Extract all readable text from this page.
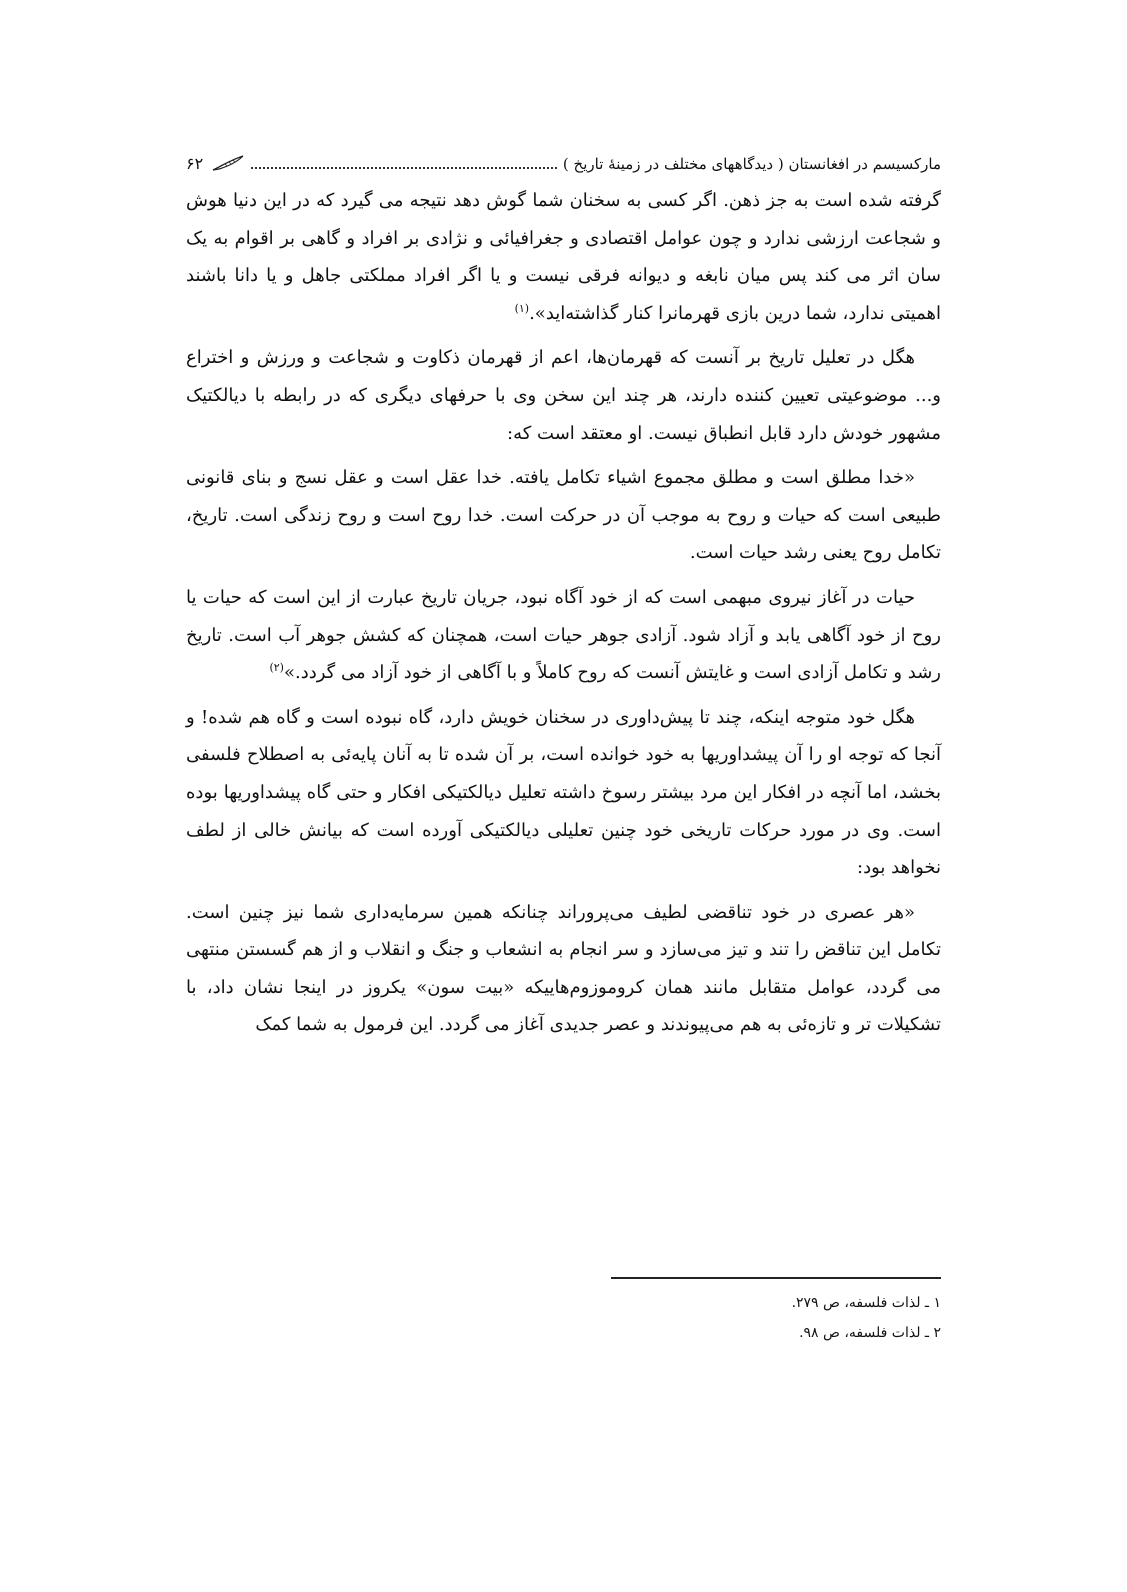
مارکسیسم در افغانستان ( دیدگاههای مختلف در زمینۀ تاریخ )
۶۲

گرفته شده است به جز ذهن. اگر کسی به سخنان شما گوش دهد نتیجه می گیرد که در این دنیا هوش و شجاعت ارزشی ندارد و چون عوامل اقتصادی و جغرافیائی و نژادی بر افراد و گاهی بر اقوام به یک سان اثر می کند پس میان نابغه و دیوانه فرقی نیست و یا اگر افراد مملکتی جاهل و یا دانا باشند اهمیتی ندارد، شما درین بازی قهرمانرا کنار گذاشته‌اید».$^{(۱)}$

هگل در تعلیل تاریخ بر آنست که قهرمان‌ها، اعم از قهرمان ذکاوت و شجاعت و ورزش و اختراع و... موضوعیتی تعیین کننده دارند، هر چند این سخن وی با حرفهای دیگری که در رابطه با دیالکتیک مشهور خودش دارد قابل انطباق نیست. او معتقد است که:

«خدا مطلق است و مطلق مجموع اشیاء تکامل یافته. خدا عقل است و عقل نسج و بنای قانونی طبیعی است که حیات و روح به موجب آن در حرکت است. خدا روح است و روح زندگی است. تاریخ، تکامل روح یعنی رشد حیات است.

حیات در آغاز نیروی مبهمی است که از خود آگاه نبود، جریان تاریخ عبارت از این است که حیات یا روح از خود آگاهی یابد و آزاد شود. آزادی جوهر حیات است، همچنان که کشش جوهر آب است. تاریخ رشد و تکامل آزادی است و غایتش آنست که روح کاملاً و با آگاهی از خود آزاد می گردد.»$^{(۲)}$

هگل خود متوجه اینکه، چند تا پیش‌داوری در سخنان خویش دارد، گاه نبوده است و گاه هم شده! و آنجا که توجه او را آن پیشداوریها به خود خوانده است، بر آن شده تا به آنان پایه‌ئی به اصطلاح فلسفی بخشد، اما آنچه در افکار این مرد بیشتر رسوخ داشته تعلیل دیالکتیکی افکار و حتی گاه پیشداوریها بوده است. وی در مورد حرکات تاریخی خود چنین تعلیلی دیالکتیکی آورده است که بیانش خالی از لطف نخواهد بود:

«هر عصری در خود تناقضی لطیف می‌پروراند چنانکه همین سرمایه‌داری شما نیز چنین است. تکامل این تناقض را تند و تیز می‌سازد و سر انجام به انشعاب و جنگ و انقلاب و از هم گسستن منتهی می گردد، عوامل متقابل مانند همان کروموزوم‌هاییکه «بیت سون» یکروز در اینجا نشان داد، با تشکیلات تر و تازه‌ئی به هم می‌پیوندند و عصر جدیدی آغاز می گردد. این فرمول به شما کمک

۱ ـ لذات فلسفه، ص ۲۷۹.
۲ ـ لذات فلسفه، ص ۹۸.
